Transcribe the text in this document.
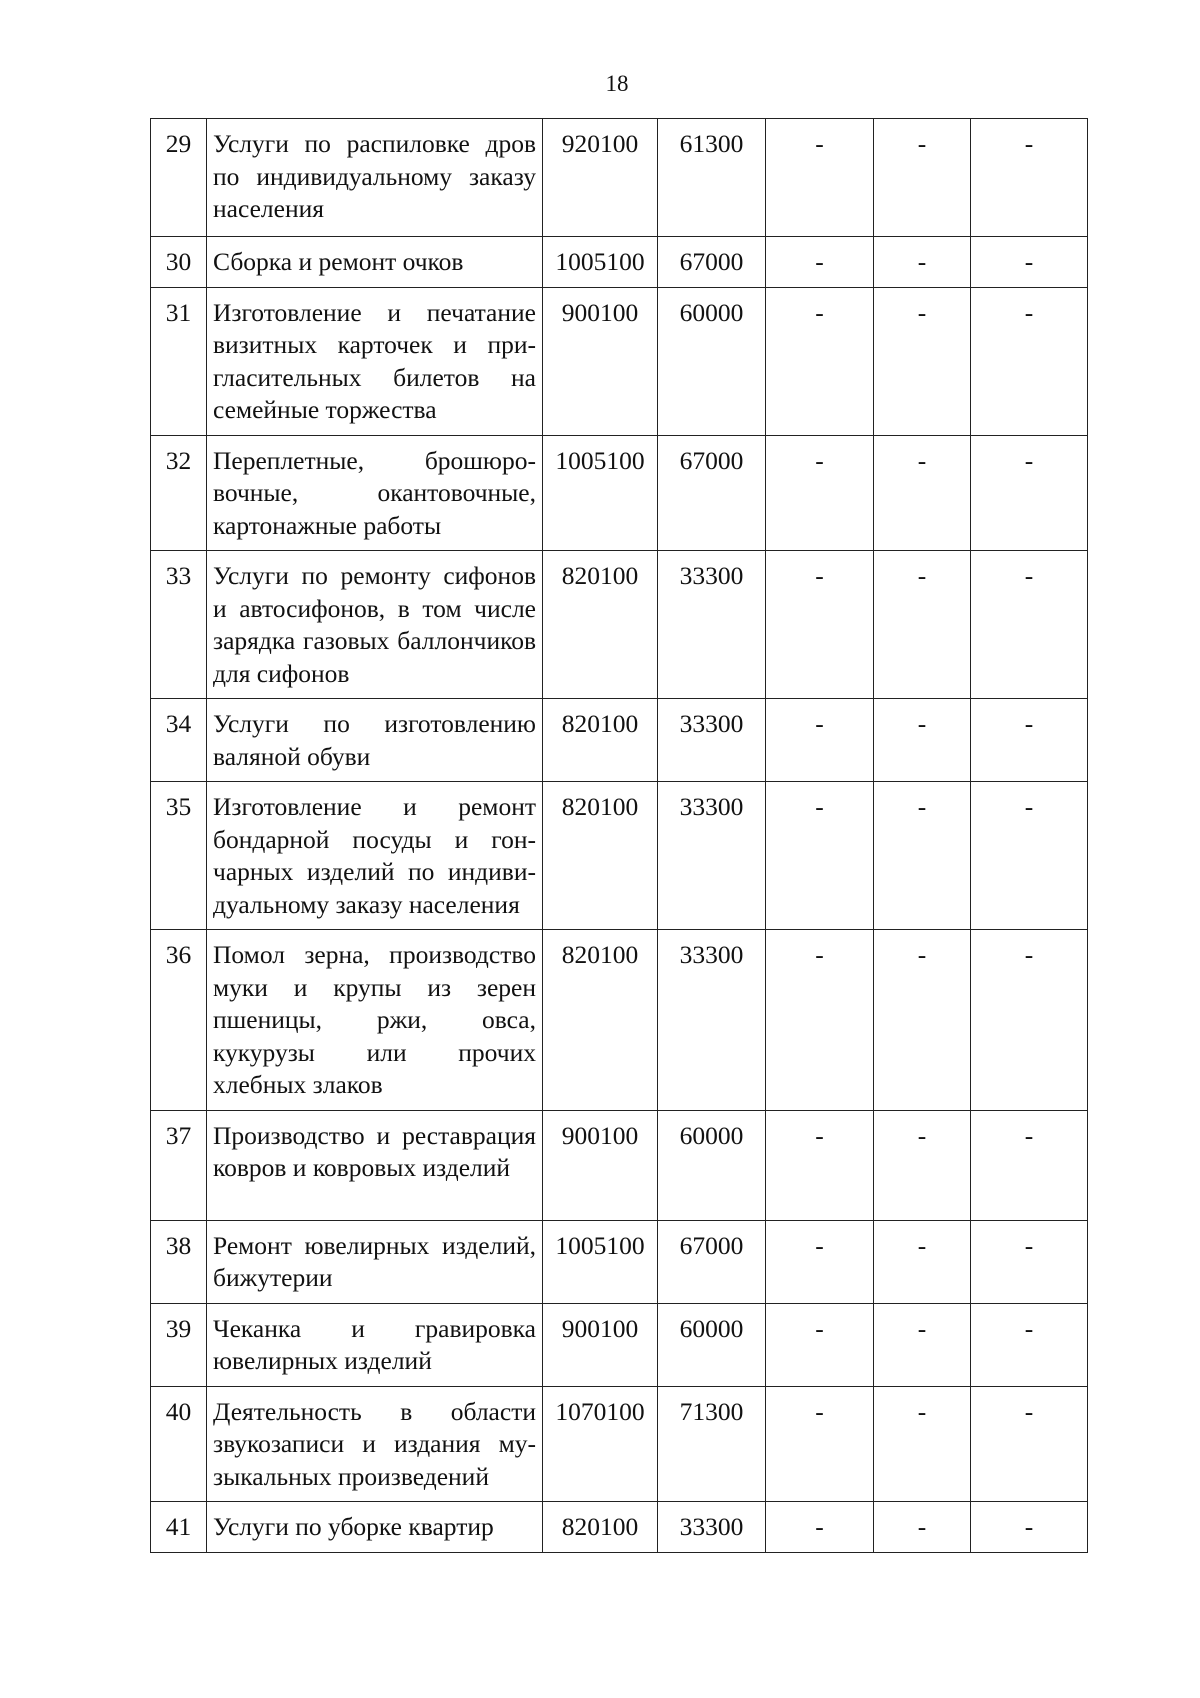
18
29	Услуги по распиловке дров по индивидуальному заказу населения	920100	61300	-	-	-
30	Сборка и ремонт очков	1005100	67000	-	-	-
31	Изготовление и печатание визитных карточек и пригласительных билетов на семейные торжества	900100	60000	-	-	-
32	Переплетные, брошюровочные, окантовочные, картонажные работы	1005100	67000	-	-	-
33	Услуги по ремонту сифонов и автосифонов, в том числе зарядка газовых баллончиков для сифонов	820100	33300	-	-	-
34	Услуги по изготовлению валяной обуви	820100	33300	-	-	-
35	Изготовление и ремонт бондарной посуды и гончарных изделий по индивидуальному заказу населения	820100	33300	-	-	-
36	Помол зерна, производство муки и крупы из зерен пшеницы, ржи, овса, кукурузы или прочих хлебных злаков	820100	33300	-	-	-
37	Производство и реставрация ковров и ковровых изделий	900100	60000	-	-	-
38	Ремонт ювелирных изделий, бижутерии	1005100	67000	-	-	-
39	Чеканка и гравировка ювелирных изделий	900100	60000	-	-	-
40	Деятельность в области звукозаписи и издания музыкальных произведений	1070100	71300	-	-	-
41	Услуги по уборке квартир	820100	33300	-	-	-
